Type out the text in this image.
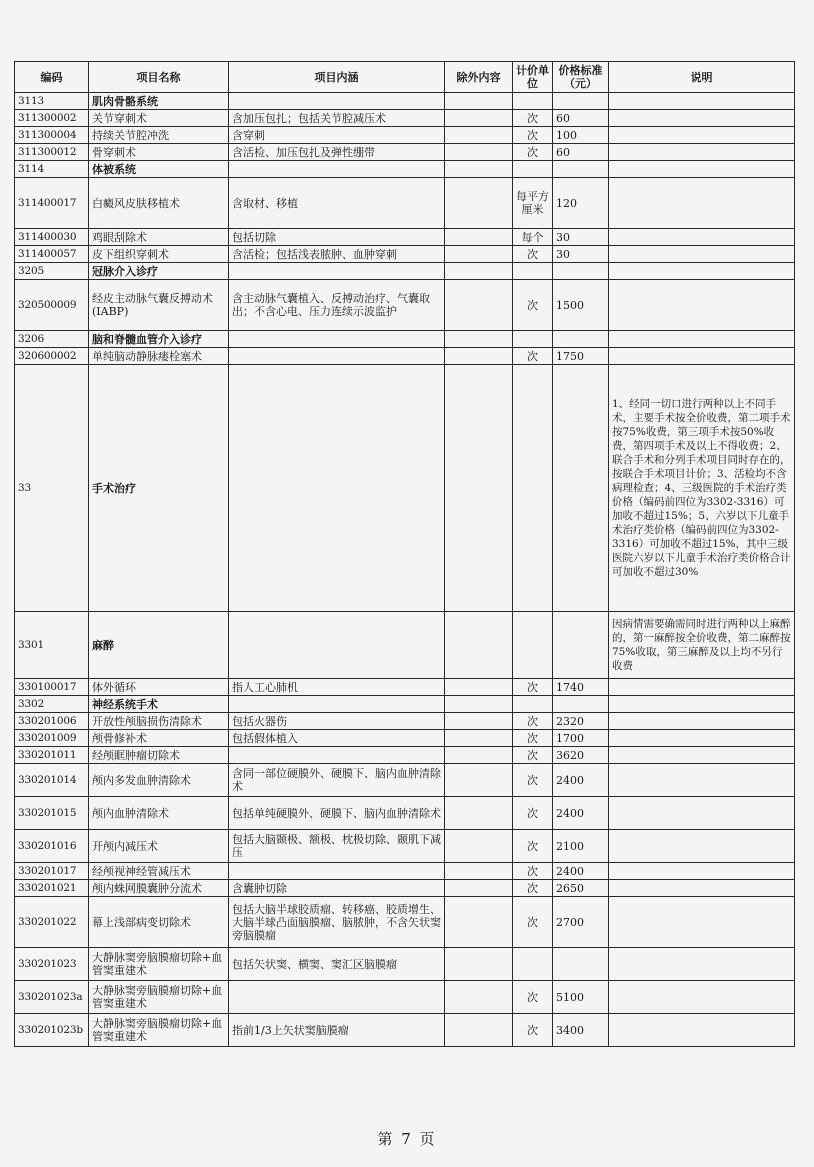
编码	项目名称	项目内涵	除外内容	计价单位	价格标准（元）	说明
3113	肌肉骨骼系统					
311300002	关节穿刺术	含加压包扎；包括关节腔减压术		次	60	
311300004	持续关节腔冲洗	含穿刺		次	100	
311300012	骨穿刺术	含活检、加压包扎及弹性绷带		次	60	
3114	体被系统					
311400017	白癜风皮肤移植术	含取材、移植		每平方厘米	120	
311400030	鸡眼刮除术	包括切除		每个	30	
311400057	皮下组织穿刺术	含活检；包括浅表脓肿、血肿穿刺		次	30	
3205	冠脉介入诊疗					
320500009	经皮主动脉气囊反搏动术(IABP)	含主动脉气囊植入、反搏动治疗、气囊取出；不含心电、压力连续示波监护		次	1500	
3206	脑和脊髓血管介入诊疗					
320600002	单纯脑动静脉瘘栓塞术			次	1750	
33	手术治疗					1、经同一切口进行两种以上不同手术，主要手术按全价收费，第二项手术按75%收费，第三项手术按50%收费，第四项手术及以上不得收费；2、联合手术和分列手术项目同时存在的，按联合手术项目计价；3、活检均不含病理检查；4、三级医院的手术治疗类价格（编码前四位为3302-3316）可加收不超过15%；5、六岁以下儿童手术治疗类价格（编码前四位为3302-3316）可加收不超过15%，其中三级医院六岁以下儿童手术治疗类价格合计可加收不超过30%
3301	麻醉					因病情需要确需同时进行两种以上麻醉的，第一麻醉按全价收费，第二麻醉按75%收取，第三麻醉及以上均不另行收费
330100017	体外循环	指人工心肺机		次	1740	
3302	神经系统手术					
330201006	开放性颅脑损伤清除术	包括火器伤		次	2320	
330201009	颅骨修补术	包括假体植入		次	1700	
330201011	经颅眶肿瘤切除术			次	3620	
330201014	颅内多发血肿清除术	含同一部位硬膜外、硬膜下、脑内血肿清除术		次	2400	
330201015	颅内血肿清除术	包括单纯硬膜外、硬膜下、脑内血肿清除术		次	2400	
330201016	开颅内减压术	包括大脑颞极、额极、枕极切除、颞肌下减压		次	2100	
330201017	经颅视神经管减压术			次	2400	
330201021	颅内蛛网膜囊肿分流术	含囊肿切除		次	2650	
330201022	幕上浅部病变切除术	包括大脑半球胶质瘤、转移癌、胶质增生、大脑半球凸面脑膜瘤、脑脓肿，不含矢状窦旁脑膜瘤		次	2700	
330201023	大静脉窦旁脑膜瘤切除+血管窦重建术	包括矢状窦、横窦、窦汇区脑膜瘤				
330201023a	大静脉窦旁脑膜瘤切除+血管窦重建术			次	5100	
330201023b	大静脉窦旁脑膜瘤切除+血管窦重建术	指前1/3上矢状窦脑膜瘤		次	3400	
第 7 页
